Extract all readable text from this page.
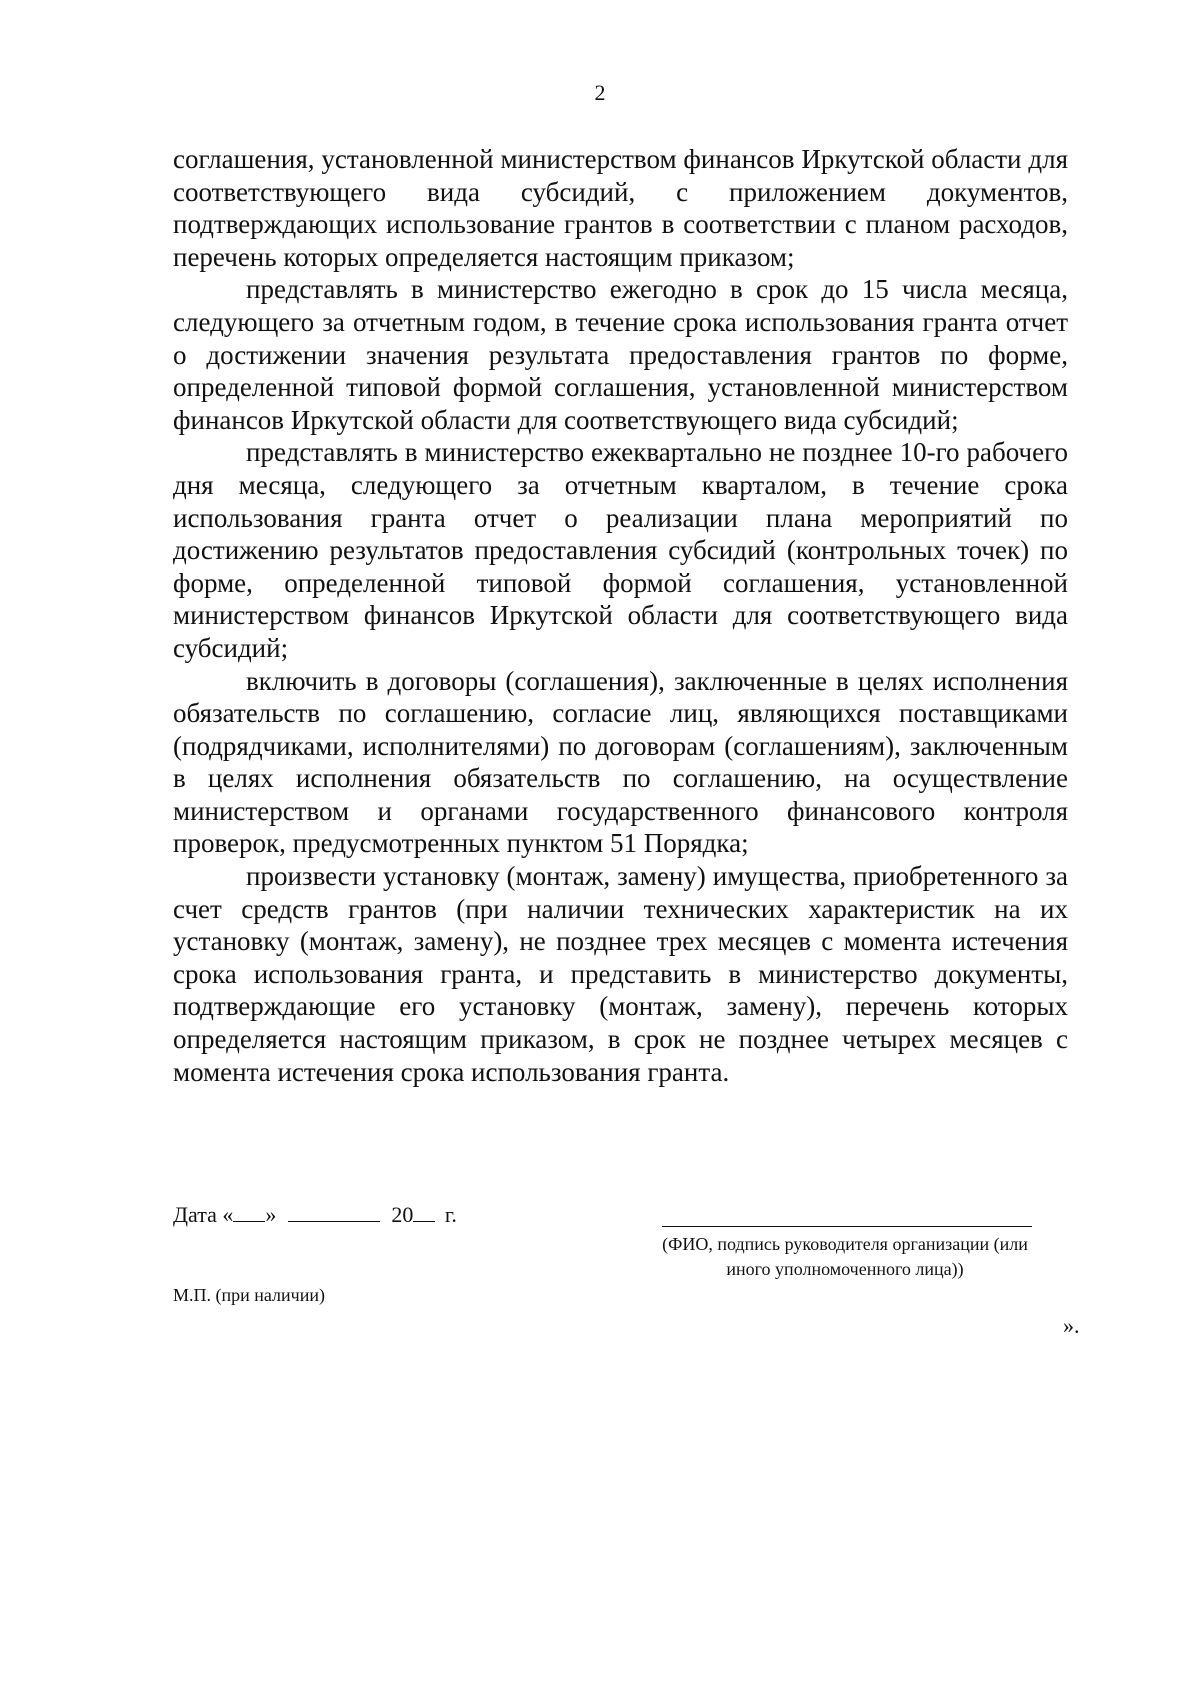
2

соглашения, установленной министерством финансов Иркутской области для соответствующего вида субсидий, с приложением документов, подтверждающих использование грантов в соответствии с планом расходов, перечень которых определяется настоящим приказом;

представлять в министерство ежегодно в срок до 15 числа месяца, следующего за отчетным годом, в течение срока использования гранта отчет о достижении значения результата предоставления грантов по форме, определенной типовой формой соглашения, установленной министерством финансов Иркутской области для соответствующего вида субсидий;

представлять в министерство ежеквартально не позднее 10-го рабочего дня месяца, следующего за отчетным кварталом, в течение срока использования гранта отчет о реализации плана мероприятий по достижению результатов предоставления субсидий (контрольных точек) по форме, определенной типовой формой соглашения, установленной министерством финансов Иркутской области для соответствующего вида субсидий;

включить в договоры (соглашения), заключенные в целях исполнения обязательств по соглашению, согласие лиц, являющихся поставщиками (подрядчиками, исполнителями) по договорам (соглашениям), заключенным в целях исполнения обязательств по соглашению, на осуществление министерством и органами государственного финансового контроля проверок, предусмотренных пунктом 51 Порядка;

произвести установку (монтаж, замену) имущества, приобретенного за счет средств грантов (при наличии технических характеристик на их установку (монтаж, замену), не позднее трех месяцев с момента истечения срока использования гранта, и представить в министерство документы, подтверждающие его установку (монтаж, замену), перечень которых определяется настоящим приказом, в срок не позднее четырех месяцев с момента истечения срока использования гранта.

Дата « »	20 г.
(ФИО, подпись руководителя организации (или
иного уполномоченного лица))
М.П. (при наличии)
».
